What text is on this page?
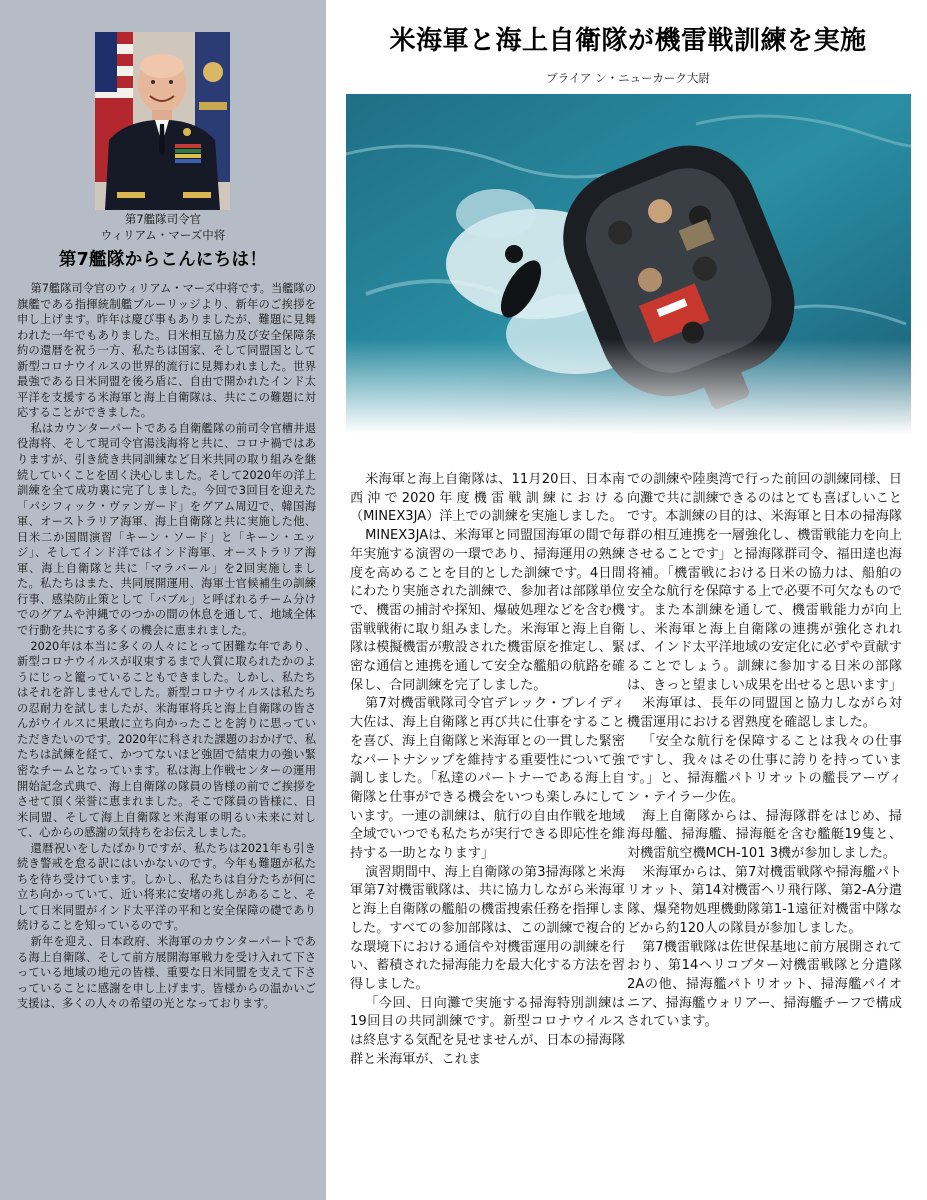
第7艦隊司令官
ウィリアム・マーズ中将
第7艦隊からこんにちは！

第7艦隊司令官のウィリアム・マーズ中将です。当艦隊の旗艦である指揮統制艦ブルーリッジより、新年のご挨拶を申し上げます。昨年は慶び事もありましたが、難題に見舞われた一年でもありました。日米相互協力及び安全保障条約の還暦を祝う一方、私たちは国家、そして同盟国として新型コロナウイルスの世界的流行に見舞われました。世界最強である日米同盟を後ろ盾に、自由で開かれたインド太平洋を支援する米海軍と海上自衛隊は、共にこの難題に対応することができました。

私はカウンターパートである自衛艦隊の前司令官槽井退役海将、そして現司令官湯浅海将と共に、コロナ禍ではありますが、引き続き共同訓練など日米共同の取り組みを継続していくことを固く決心しました。そして2020年の洋上訓練を全て成功裏に完了しました。今回で3回目を迎えた「パシフィック・ヴァンガード」をグアム周辺で、韓国海軍、オーストラリア海軍、海上自衛隊と共に実施した他、日米二か国間演習「キーン・ソード」と「キーン・エッジ」、そしてインド洋ではインド海軍、オーストラリア海軍、海上自衛隊と共に「マラバール」を2回実施しました。私たちはまた、共同展開運用、海軍士官候補生の訓練行事、感染防止策として「バブル」と呼ばれるチーム分けでのグアムや沖縄でのつかの間の休息を通して、地域全体で行動を共にする多くの機会に恵まれました。

2020年は本当に多くの人々にとって困難な年であり、新型コロナウイルスが収束するまで人質に取られたかのようにじっと籠っていることもできました。しかし、私たちはそれを許しませんでした。新型コロナウイルスは私たちの忍耐力を試しましたが、米海軍将兵と海上自衛隊の皆さんがウイルスに果敢に立ち向かったことを誇りに思っていただきたいのです。2020年に科された課題のおかげで、私たちは試練を経て、かつてないほど強固で結束力の強い緊密なチームとなっています。私は海上作戦センターの運用開始記念式典で、海上自衛隊の隊員の皆様の前でご挨拶をさせて頂く栄誉に恵まれました。そこで隊員の皆様に、日米同盟、そして海上自衛隊と米海軍の明るい未来に対して、心からの感謝の気持ちをお伝えしました。

還暦祝いをしたばかりですが、私たちは2021年も引き続き警戒を怠る訳にはいかないのです。今年も難題が私たちを待ち受けています。しかし、私たちは自分たちが何に立ち向かっていて、近い将来に安堵の兆しがあること、そして日米同盟がインド太平洋の平和と安全保障の礎であり続けることを知っているのです。

新年を迎え、日本政府、米海軍のカウンターパートである海上自衛隊、そして前方展開海軍戦力を受け入れて下さっている地域の地元の皆様、重要な日米同盟を支えて下さっていることに感謝を申し上げます。皆様からの温かいご支援は、多くの人々の希望の光となっております。

米海軍と海上自衛隊が機雷戦訓練を実施
ブライア ン・ニューカーク大尉

米海軍と海上自衛隊は、11月20日、日本南西沖で2020年度機雷戦訓練における（MINEX3JA）洋上での訓練を実施しました。

MINEX3JAは、米海軍と同盟国海軍の間で毎年実施する演習の一環であり、掃海運用の熟練度を高めることを目的とした訓練です。4日間にわたり実施された訓練で、参加者は部隊単位で、機雷の捕討や探知、爆破処理などを含む機雷戦戦術に取り組みました。米海軍と海上自衛隊は模擬機雷が敷設された機雷原を推定し、緊密な通信と連携を通して安全な艦船の航路を確保し、合同訓練を完了しました。

第7対機雷戦隊司令官デレック・ブレイディ大佐は、海上自衛隊と再び共に仕事をすることを喜び、海上自衛隊と米海軍との一貫した緊密なパートナシップを維持する重要性について強調しました。「私達のパートナーである海上自衛隊と仕事ができる機会をいつも楽しみにしています。一連の訓練は、航行の自由作戦を地域全域でいつでも私たちが実行できる即応性を維持する一助となります」

演習期間中、海上自衛隊の第3掃海隊と米海軍第7対機雷戦隊は、共に協力しながら米海軍と海上自衛隊の艦船の機雷捜索任務を指揮しました。すべての参加部隊は、この訓練で複合的な環境下における通信や対機雷運用の訓練を行い、蓄積された掃海能力を最大化する方法を習得しました。

「今回、日向灘で実施する掃海特別訓練は19回目の共同訓練です。新型コロナウイルスは終息する気配を見せませんが、日本の掃海隊群と米海軍が、これま

での訓練や陸奥湾で行った前回の訓練同様、日向灘で共に訓練できるのはとても喜ばしいことです。本訓練の目的は、米海軍と日本の掃海隊群の相互連携を一層強化し、機雷戦能力を向上させることです」と掃海隊群司令、福田達也海将補。「機雷戦における日米の協力は、船舶の安全な航行を保障する上で必要不可欠なものです。また本訓練を通して、機雷戦能力が向上し、米海軍と海上自衛隊の連携が強化されれば、インド太平洋地域の安定化に必ずや貢献することでしょう。訓練に参加する日米の部隊は、きっと望ましい成果を出せると思います」

米海軍は、長年の同盟国と協力しながら対機雷運用における習熟度を確認しました。

「安全な航行を保障することは我々の仕事ですし、我々はその仕事に誇りを持っています。」と、掃海艦パトリオットの艦長アーヴィン・テイラー少佐。

海上自衛隊からは、掃海隊群をはじめ、掃海母艦、掃海艦、掃海艇を含む艦艇19隻と、対機雷航空機MCH-101 3機が参加しました。

米海軍からは、第7対機雷戦隊や掃海艦パトリオット、第14対機雷ヘリ飛行隊、第2-A分遣隊、爆発物処理機動隊第1-1遠征対機雷中隊などから約120人の隊員が参加しました。

第7機雷戦隊は佐世保基地に前方展開されており、第14ヘリコプター対機雷戦隊と分遣隊2Aの他、掃海艦パトリオット、掃海艦パイオニア、掃海艦ウォリアー、掃海艦チーフで構成されています。
